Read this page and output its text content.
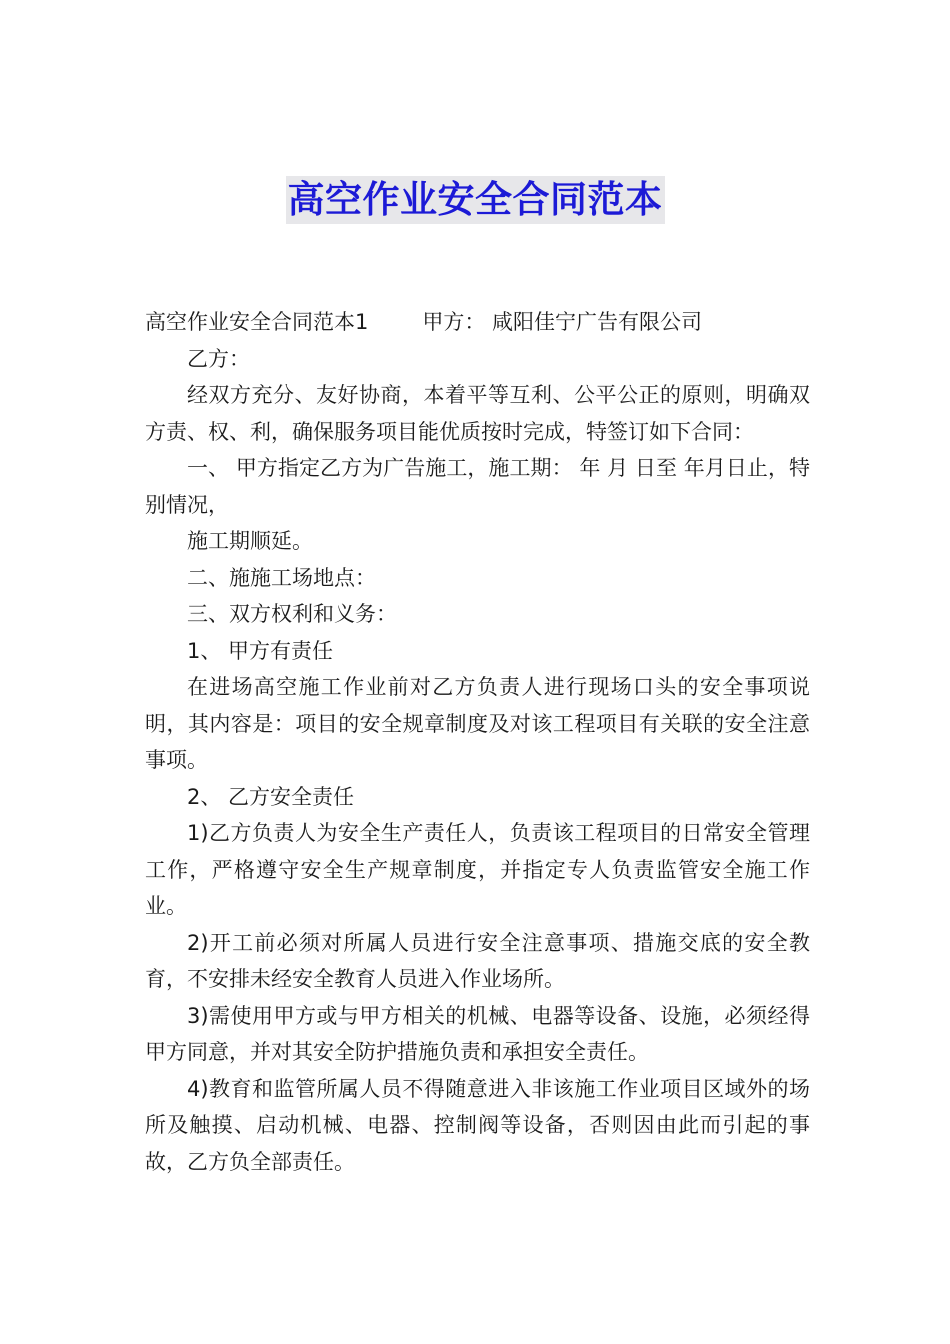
高空作业安全合同范本

高空作业安全合同范本1	甲方： 咸阳佳宁广告有限公司

乙方：

经双方充分、友好协商，本着平等互利、公平公正的原则，明确双方责、权、利，确保服务项目能优质按时完成，特签订如下合同：

一、 甲方指定乙方为广告施工，施工期： 年 月 日至 年月日止，特别情况，

施工期顺延。

二、施施工场地点：

三、双方权利和义务：

1、 甲方有责任

在进场高空施工作业前对乙方负责人进行现场口头的安全事项说明，其内容是：项目的安全规章制度及对该工程项目有关联的安全注意事项。

2、 乙方安全责任

1)乙方负责人为安全生产责任人，负责该工程项目的日常安全管理工作，严格遵守安全生产规章制度，并指定专人负责监管安全施工作业。

2)开工前必须对所属人员进行安全注意事项、措施交底的安全教育，不安排未经安全教育人员进入作业场所。

3)需使用甲方或与甲方相关的机械、电器等设备、设施，必须经得甲方同意，并对其安全防护措施负责和承担安全责任。

4)教育和监管所属人员不得随意进入非该施工作业项目区域外的场所及触摸、启动机械、电器、控制阀等设备，否则因由此而引起的事故，乙方负全部责任。
